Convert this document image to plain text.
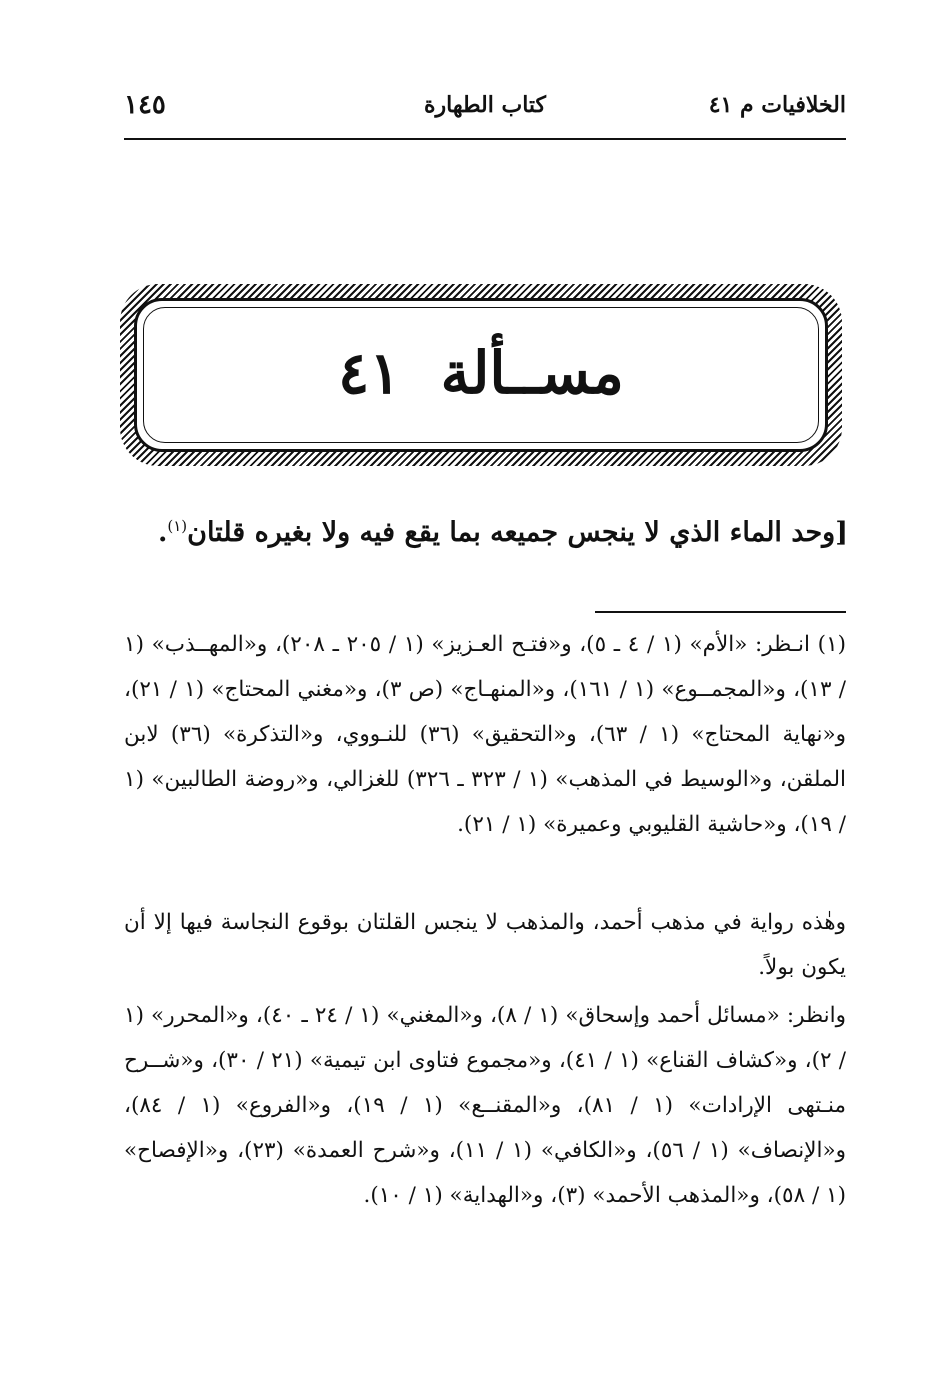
الخلافيات م ٤١
كتاب الطهارة
١٤٥
مســألة ٤١
[وحد الماء الذي لا ينجس جميعه بما يقع فيه ولا بغيره قلتان$^{(١)}$.
(١) انـظر: «الأم» (١ / ٤ ـ ٥)، و«فتـح العـزيز» (١ / ٢٠٥ ـ ٢٠٨)، و«المهــذب» (١ / ١٣)، و«المجمــوع» (١ / ١٦١)، و«المنهـاج» (ص ٣)، و«مغني المحتاج» (١ / ٢١)، و«نهاية المحتاج» (١ / ٦٣)، و«التحقيق» (٣٦) للنـووي، و«التذكرة» (٣٦) لابن الملقن، و«الوسيط في المذهب» (١ / ٣٢٣ ـ ٣٢٦) للغزالي، و«روضة الطالبين» (١ / ١٩)، و«حاشية القليوبي وعميرة» (١ / ٢١).
وهٰذه رواية في مذهب أحمد، والمذهب لا ينجس القلتان بوقوع النجاسة فيها إلا أن يكون بولاً.
وانظر: «مسائل أحمد وإسحاق» (١ / ٨)، و«المغني» (١ / ٢٤ ـ ٤٠)، و«المحرر» (١ / ٢)، و«كشاف القناع» (١ / ٤١)، و«مجموع فتاوى ابن تيمية» (٢١ / ٣٠)، و«شــرح منـتهى الإرادات» (١ / ٨١)، و«المقنــع» (١ / ١٩)، و«الفروع» (١ / ٨٤)، و«الإنصاف» (١ / ٥٦)، و«الكافي» (١ / ١١)، و«شرح العمدة» (٢٣)، و«الإفصاح» (١ / ٥٨)، و«المذهب الأحمد» (٣)، و«الهداية» (١ / ١٠).
